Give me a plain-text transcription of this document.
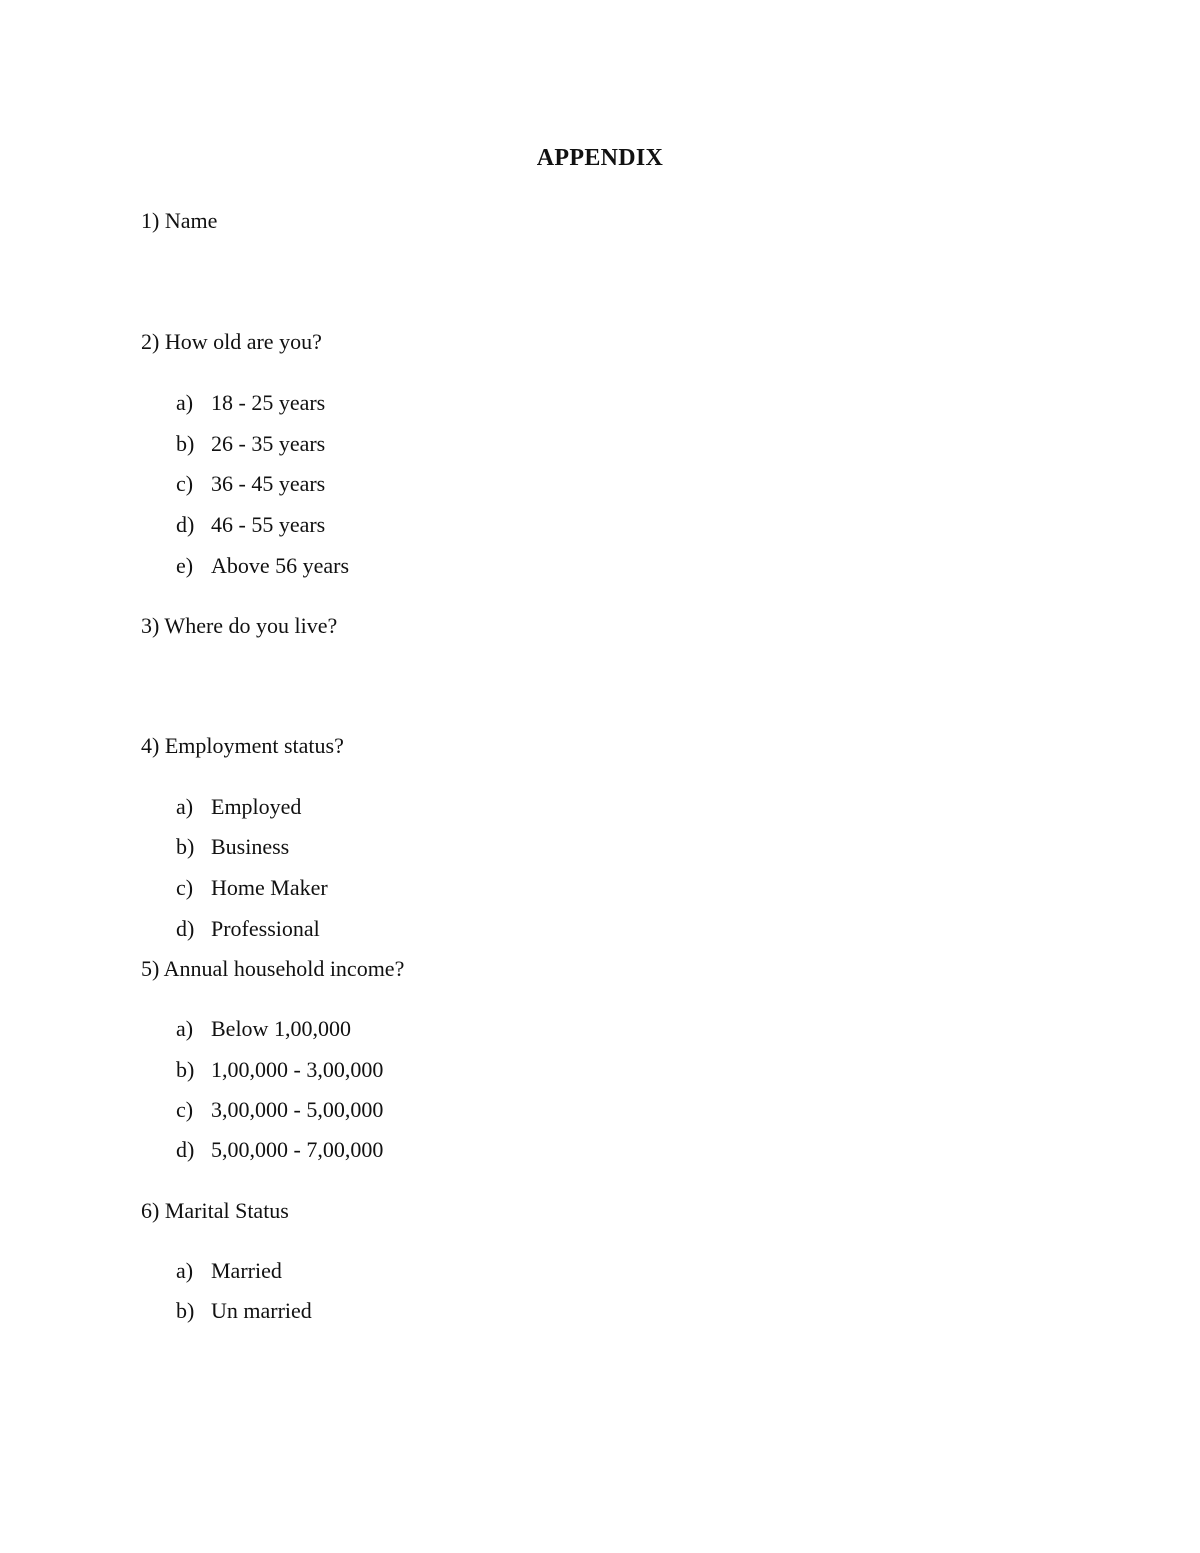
APPENDIX
1) Name
2) How old are you?
a) 18 - 25 years
b) 26 - 35 years
c) 36 - 45 years
d) 46 - 55 years
e) Above 56 years
3) Where do you live?
4) Employment status?
a) Employed
b) Business
c) Home Maker
d) Professional
5) Annual household income?
a) Below 1,00,000
b) 1,00,000 - 3,00,000
c) 3,00,000 - 5,00,000
d) 5,00,000 - 7,00,000
6) Marital Status
a) Married
b) Un married
